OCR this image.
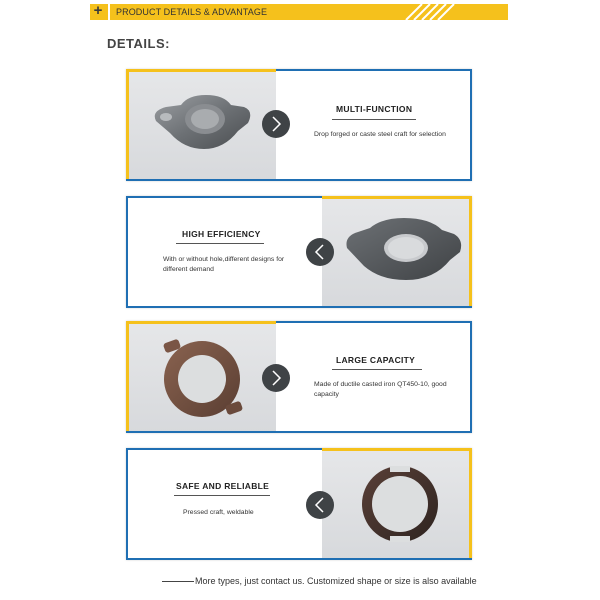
+ PRODUCT DETAILS & ADVANTAGE
DETAILS:
MULTI-FUNCTION
Drop forged or caste steel craft for selection
HIGH EFFICIENCY
With or without hole,different designs for different demand
LARGE CAPACITY
Made of ductile casted iron QT450-10, good capacity
SAFE AND RELIABLE
Pressed craft, weldable
More types, just contact us. Customized shape or size is also available
